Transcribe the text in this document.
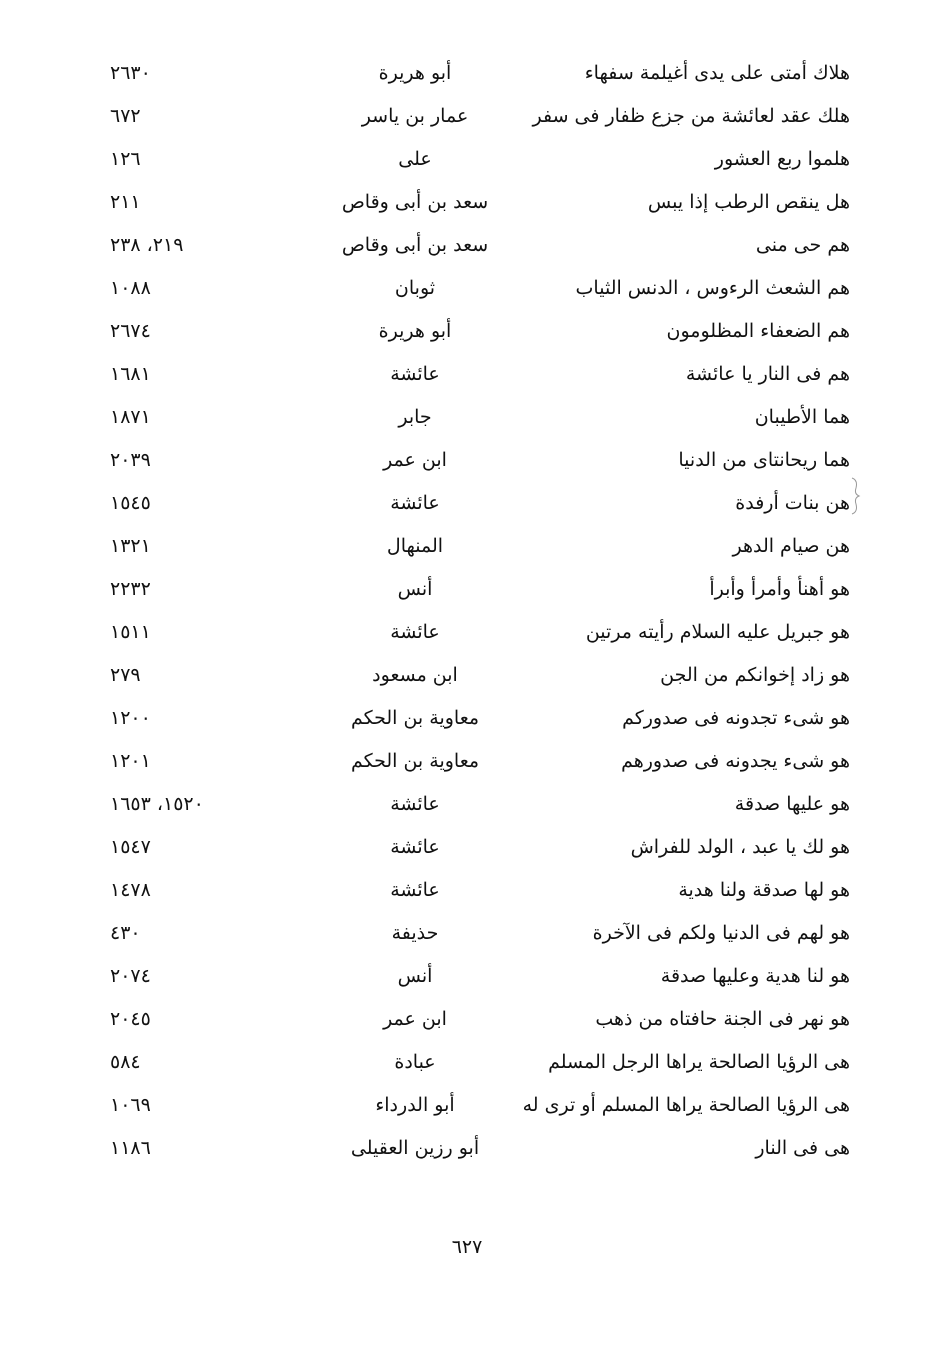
هلاك أمتى على يدى أغيلمة سفهاء
أبو هريرة
٢٦٣٠
هلك عقد لعائشة من جزع ظفار فى سفر
عمار بن ياسر
٦٧٢
هلموا ربع العشور
على
١٢٦
هل ينقص الرطب إذا يبس
سعد بن أبى وقاص
٢١١
هم حى منى
سعد بن أبى وقاص
٢١٩، ٢٣٨
هم الشعث الرءوس ، الدنس الثياب
ثوبان
١٠٨٨
هم الضعفاء المظلومون
أبو هريرة
٢٦٧٤
هم فى النار يا عائشة
عائشة
١٦٨١
هما الأطيبان
جابر
١٨٧١
هما ريحانتاى من الدنيا
ابن عمر
٢٠٣٩
هن بنات أرفدة
عائشة
١٥٤٥
هن صيام الدهر
المنهال
١٣٢١
هو أهنأ وأمرأ وأبرأ
أنس
٢٢٣٢
هو جبريل عليه السلام رأيته مرتين
عائشة
١٥١١
هو زاد إخوانكم من الجن
ابن مسعود
٢٧٩
هو شىء تجدونه فى صدوركم
معاوية بن الحكم
١٢٠٠
هو شىء يجدونه فى صدورهم
معاوية بن الحكم
١٢٠١
هو عليها صدقة
عائشة
١٥٢٠، ١٦٥٣
هو لك يا عبد ، الولد للفراش
عائشة
١٥٤٧
هو لها صدقة ولنا هدية
عائشة
١٤٧٨
هو لهم فى الدنيا ولكم فى الآخرة
حذيفة
٤٣٠
هو لنا هدية وعليها صدقة
أنس
٢٠٧٤
هو نهر فى الجنة حافتاه من ذهب
ابن عمر
٢٠٤٥
هى الرؤيا الصالحة يراها الرجل المسلم
عبادة
٥٨٤
هى الرؤيا الصالحة يراها المسلم أو ترى له
أبو الدرداء
١٠٦٩
هى فى النار
أبو رزين العقيلى
١١٨٦
٦٢٧
